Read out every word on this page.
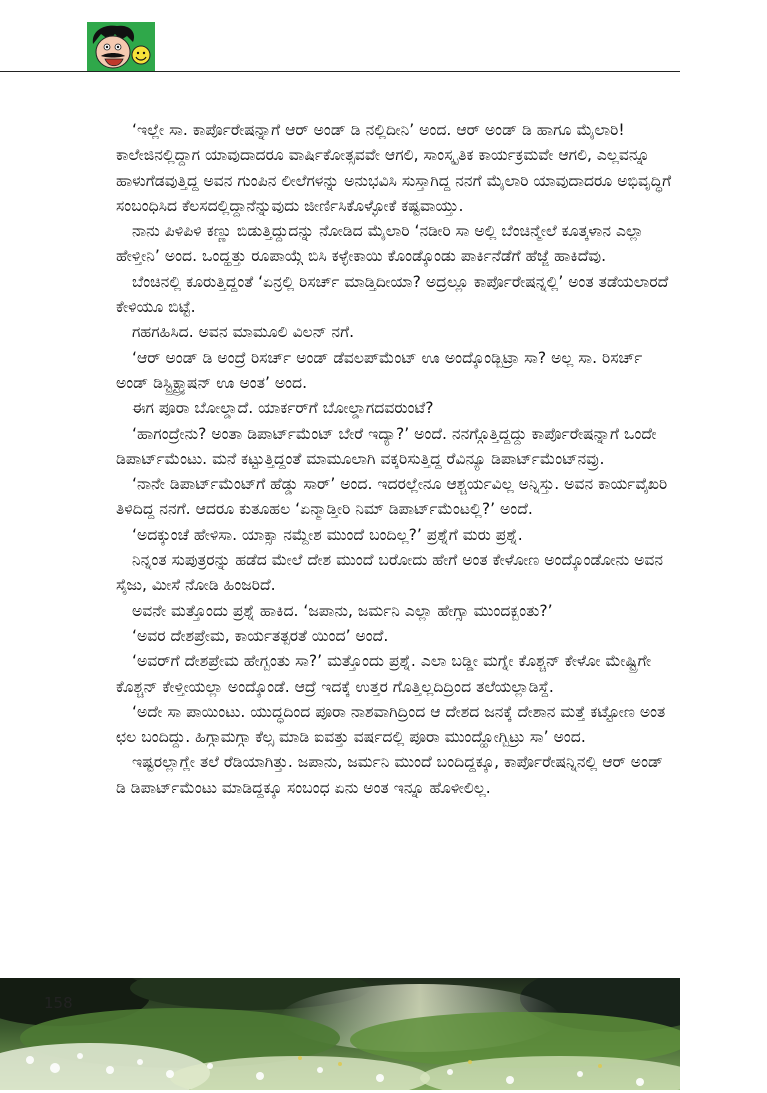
‘ಇಲ್ಲೇ ಸಾ. ಕಾರ್ಪೊರೇಷನ್ನಾಗೆ ಆರ್ ಅಂಡ್ ಡಿ ನಲ್ಲಿದೀನಿ’ ಅಂದ. ಆರ್ ಅಂಡ್ ಡಿ ಹಾಗೂ ಮೈಲಾರಿ! ಕಾಲೇಜಿನಲ್ಲಿದ್ದಾಗ ಯಾವುದಾದರೂ ವಾರ್ಷಿಕೋತ್ಸವವೇ ಆಗಲಿ, ಸಾಂಸ್ಕೃತಿಕ ಕಾರ್ಯಕ್ರಮವೇ ಆಗಲಿ, ಎಲ್ಲವನ್ನೂ ಹಾಳುಗೆಡವುತ್ತಿದ್ದ ಅವನ ಗುಂಪಿನ ಲೀಲೆಗಳನ್ನು ಅನುಭವಿಸಿ ಸುಸ್ತಾಗಿದ್ದ ನನಗೆ ಮೈಲಾರಿ ಯಾವುದಾದರೂ ಅಭಿವೃದ್ಧಿಗೆ ಸಂಬಂಧಿಸಿದ ಕೆಲಸದಲ್ಲಿದ್ದಾನೆನ್ನುವುದು ಜೀರ್ಣಿಸಿಕೊಳ್ಳೋಕೆ ಕಷ್ಟವಾಯ್ತು.

ನಾನು ಪಿಳಿಪಿಳಿ ಕಣ್ಣು ಬಿಡುತ್ತಿದ್ದುದನ್ನು ನೋಡಿದ ಮೈಲಾರಿ ‘ನಡೀರಿ ಸಾ ಅಲ್ಲಿ ಬೆಂಚಿನ್ಮೇಲೆ ಕೂತ್ಕಳಾನ ಎಲ್ಲಾ ಹೇಳ್ತೀನಿ’ ಅಂದ. ಒಂದ್ಹತ್ತು ರೂಪಾಯ್ಗೆ ಬಿಸಿ ಕಳ್ಳೇಕಾಯಿ ಕೊಂಡ್ಕೊಂಡು ಪಾರ್ಕಿನೆಡೆಗೆ ಹೆಜ್ಜೆ ಹಾಕಿದೆವು.

ಬೆಂಚಿನಲ್ಲಿ ಕೂರುತ್ತಿದ್ದಂತೆ ‘ಏನ್ರಲ್ಲಿ ರಿಸರ್ಚ್ ಮಾಡ್ತಿದೀಯಾ? ಅದ್ರಲ್ಲೂ ಕಾರ್ಪೊರೇಷನ್ನಲ್ಲಿ’ ಅಂತ ತಡೆಯಲಾರದೆ ಕೇಳಿಯೂ ಬಿಟ್ಟೆ.

ಗಹಗಹಿಸಿದ. ಅವನ ಮಾಮೂಲಿ ವಿಲನ್ ನಗೆ.

‘ಆರ್ ಅಂಡ್ ಡಿ ಅಂದ್ರೆ ರಿಸರ್ಚ್ ಅಂಡ್ ಡೆವಲಪ್‌ಮೆಂಟ್ ಊ ಅಂದ್ಕೊಂಡ್ಬಿಟ್ರಾ ಸಾ? ಅಲ್ಲ ಸಾ. ರಿಸರ್ಚ್ ಅಂಡ್ ಡಿಸ್ಟ್ರಿಕ್ಟ್ರ್ಯಾಷನ್ ಊ ಅಂತ’ ಅಂದ.

ಈಗ ಪೂರಾ ಬೋಲ್ಡಾದೆ. ಯಾರ್ಕರ್‌ಗೆ ಬೋಲ್ಡಾಗದವರುಂಟೆ?

‘ಹಾಗಂದ್ರೇನು? ಅಂತಾ ಡಿಪಾರ್ಟ್‌ಮೆಂಟ್ ಬೇರೆ ಇದ್ಯಾ?’ ಅಂದೆ. ನನಗ್ಗೊತ್ತಿದ್ದದ್ದು ಕಾರ್ಪೊರೇಷನ್ನಾಗೆ ಒಂದೇ ಡಿಪಾರ್ಟ್‌ಮೆಂಟು. ಮನೆ ಕಟ್ಟುತ್ತಿದ್ದಂತೆ ಮಾಮೂಲಾಗಿ ವಕ್ಕರಿಸುತ್ತಿದ್ದ ರೆವಿನ್ಯೂ ಡಿಪಾರ್ಟ್‌ಮೆಂಟ್‌ನವ್ರು.

‘ನಾನೇ ಡಿಪಾರ್ಟ್‌ಮೆಂಟ್‌ಗೆ ಹೆಡ್ಡು ಸಾರ್’ ಅಂದ. ಇದರಲ್ಲೇನೂ ಆಶ್ಚರ್ಯವಿಲ್ಲ ಅನ್ನಿಸ್ತು. ಅವನ ಕಾರ್ಯವೈಖರಿ ತಿಳಿದಿದ್ದ ನನಗೆ. ಆದರೂ ಕುತೂಹಲ ‘ಏನ್ಮಾಡ್ತೀರಿ ನಿಮ್ ಡಿಪಾರ್ಟ್‌ಮೆಂಟಲ್ಲಿ?’ ಅಂದೆ.

‘ಅದಕ್ಕುಂಚೆ ಹೇಳಿಸಾ. ಯಾಕ್ಸಾ ನಮ್ದೇಶ ಮುಂದೆ ಬಂದಿಲ್ಲ?’ ಪ್ರಶ್ನೆಗೆ ಮರು ಪ್ರಶ್ನೆ.

ನಿನ್ನಂತ ಸುಪುತ್ರರನ್ನು ಹಡೆದ ಮೇಲೆ ದೇಶ ಮುಂದೆ ಬರೋದು ಹೇಗೆ ಅಂತ ಕೇಳೋಣ ಅಂದ್ಕೊಂಡೋನು ಅವನ ಸೈಜು, ಮೀಸೆ ನೋಡಿ ಹಿಂಜರಿದೆ.

ಅವನೇ ಮತ್ತೊಂದು ಪ್ರಶ್ನೆ ಹಾಕಿದ. ‘ಜಪಾನು, ಜರ್ಮನಿ ಎಲ್ಲಾ ಹೇಗ್ಸಾ ಮುಂದಕ್ಬಂತು?’

‘ಅವರ ದೇಶಪ್ರೇಮ, ಕಾರ್ಯತತ್ಪರತೆ ಯಿಂದ’ ಅಂದೆ.

‘ಅವರ್‌ಗೆ ದೇಶಪ್ರೇಮ ಹೇಗ್ಬಂತು ಸಾ?’ ಮತ್ತೊಂದು ಪ್ರಶ್ನೆ. ಎಲಾ ಬಡ್ಡೀ ಮಗ್ನೇ ಕೊಶ್ಚನ್ ಕೇಳೋ ಮೇಷ್ಟ್ರಿಗೇ ಕೊಶ್ಚನ್ ಕೇಳ್ತೀಯಲ್ಲಾ ಅಂದ್ಕೊಂಡೆ. ಆದ್ರೆ ಇದಕ್ಕೆ ಉತ್ತರ ಗೊತ್ತಿಲ್ಲದಿದ್ರಿಂದ ತಲೆಯಲ್ಲಾಡಿಸ್ದೆ.

‘ಅದೇ ಸಾ ಪಾಯಿಂಟು. ಯುದ್ಧದಿಂದ ಪೂರಾ ನಾಶವಾಗಿದ್ರಿಂದ ಆ ದೇಶದ ಜನಕ್ಕೆ ದೇಶಾನ ಮತ್ತೆ ಕಟ್ಟೋಣ ಅಂತ ಛಲ ಬಂದಿದ್ದು. ಹಿಗ್ಗಾಮಗ್ಗಾ ಕೆಲ್ಸ ಮಾಡಿ ಐವತ್ತು ವರ್ಷದಲ್ಲಿ ಪೂರಾ ಮುಂದ್ಹೋಗ್ಬಿಟ್ರು ಸಾ’ ಅಂದ.

ಇಷ್ಟರಲ್ಲಾಗ್ಲೇ ತಲೆ ರೆಡಿಯಾಗಿತ್ತು. ಜಪಾನು, ಜರ್ಮನಿ ಮುಂದೆ ಬಂದಿದ್ದಕ್ಕೂ, ಕಾರ್ಪೊರೇಷನ್ನಿನಲ್ಲಿ ಆರ್ ಅಂಡ್ ಡಿ ಡಿಪಾರ್ಟ್‌ಮೆಂಟು ಮಾಡಿದ್ದಕ್ಕೂ ಸಂಬಂಧ ಏನು ಅಂತ ಇನ್ನೂ ಹೊಳೀಲಿಲ್ಲ.

158
